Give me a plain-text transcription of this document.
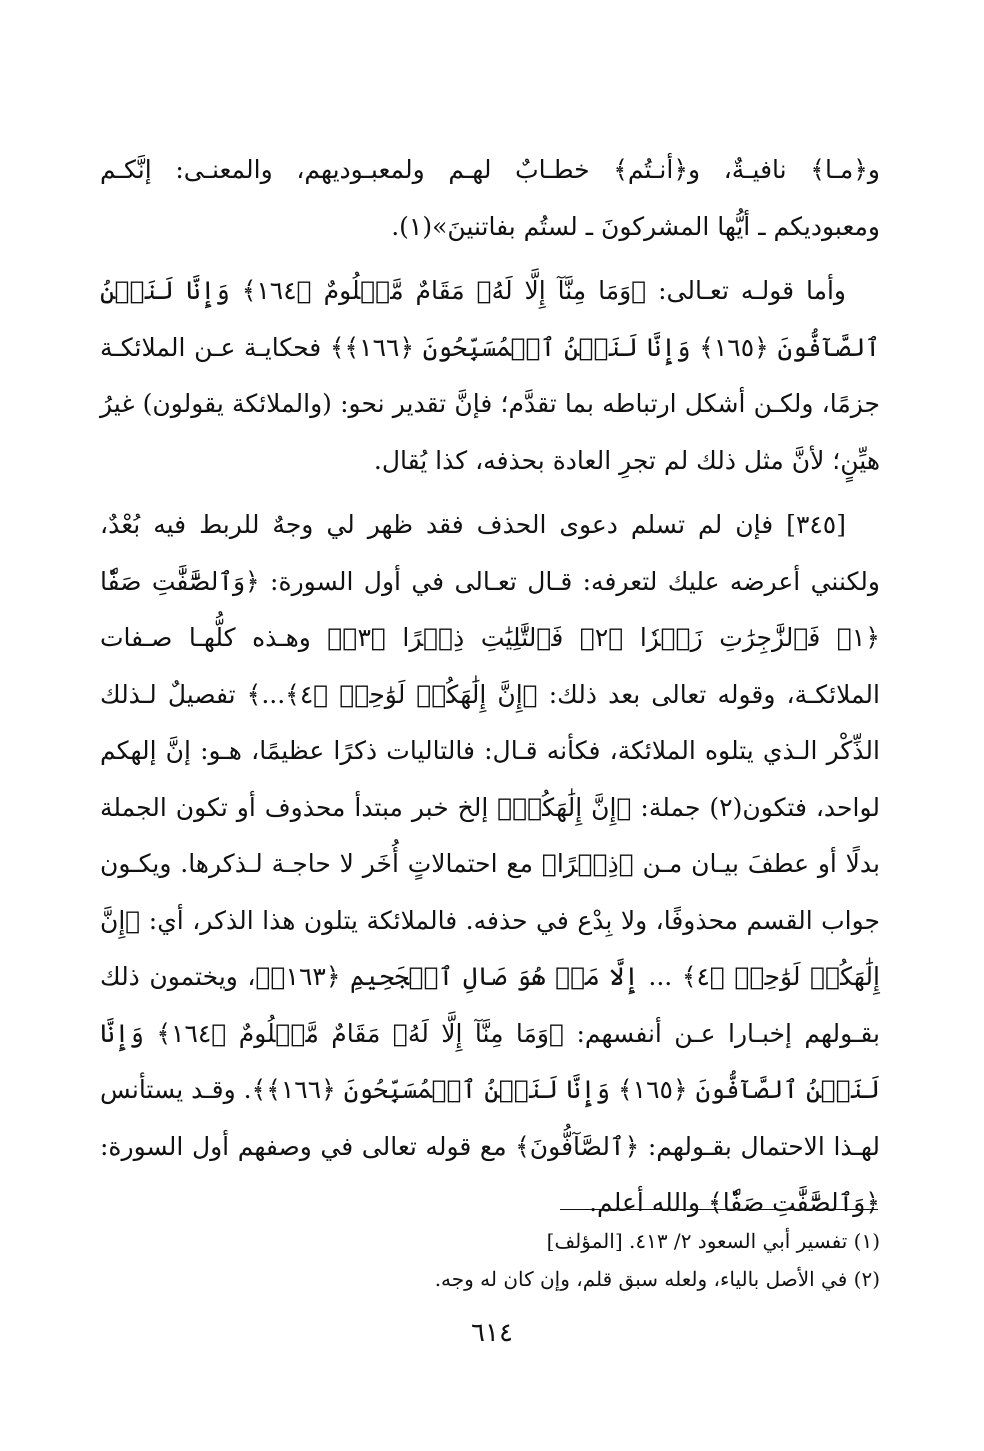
و﴿مـا﴾ نافيـةٌ، و﴿أنـتُم﴾ خطـابٌ لهـم ولمعبـوديهم، والمعنـى: إنَّكـم ومعبوديكم ـ أيُّها المشركونَ ـ لستُم بفاتنينَ»(١).

وأما قولـه تعـالى: ﴿وَمَا مِنَّآ إِلَّا لَهُۥ مَقَامٌ مَّعۡلُومٌ ﴿١٦٤﴾ وَإِنَّا لَنَحۡنُ ٱلصَّآفُّونَ ﴿١٦٥﴾ وَإِنَّا لَنَحۡنُ ٱلۡمُسَبِّحُونَ ﴿١٦٦﴾﴾ فحكايـة عـن الملائكـة جزمًا، ولكـن أشكل ارتباطه بما تقدَّم؛ فإنَّ تقدير نحو: (والملائكة يقولون) غيرُ هيِّنٍ؛ لأنَّ مثل ذلك لم تجرِ العادة بحذفه، كذا يُقال.

[٣٤٥] فإن لم تسلم دعوى الحذف فقد ظهر لي وجهٌ للربط فيه بُعْدٌ، ولكنني أعرضه عليك لتعرفه: قـال تعـالى في أول السورة: ﴿وَٱلصَّٰٓفَّٰتِ صَفّٗا ﴿١﴾ فَٱلزَّٰجِرَٰتِ زَجۡرٗا ﴿٢﴾ فَٱلتَّٰلِيَٰتِ ذِكۡرًا ﴿٣﴾﴾ وهـذه كلُّهـا صـفات الملائكـة، وقوله تعالى بعد ذلك: ﴿إِنَّ إِلَٰهَكُمۡ لَوَٰحِدٞ ﴿٤﴾...﴾ تفصيلٌ لـذلك الذِّكْر الـذي يتلوه الملائكة، فكأنه قـال: فالتاليات ذكرًا عظيمًا، هـو: إنَّ إلهكم لواحد، فتكون(٢) جملة: ﴿إِنَّ إِلَٰهَكُمۡ﴾ إلخ خبر مبتدأ محذوف أو تكون الجملة بدلًا أو عطفَ بيـان مـن ﴿ذِكۡرًا﴾ مع احتمالاتٍ أُخَر لا حاجـة لـذكرها. ويكـون جواب القسم محذوفًا، ولا بِدْع في حذفه. فالملائكة يتلون هذا الذكر، أي: ﴿إِنَّ إِلَٰهَكُمۡ لَوَٰحِدٞ ﴿٤﴾ ... إِلَّا مَنۡ هُوَ صَالِ ٱلۡجَحِيمِ ﴿١٦٣﴾﴾، ويختمون ذلك بقـولهم إخبـارا عـن أنفسهم: ﴿وَمَا مِنَّآ إِلَّا لَهُۥ مَقَامٌ مَّعۡلُومٌ ﴿١٦٤﴾ وَإِنَّا لَنَحۡنُ ٱلصَّآفُّونَ ﴿١٦٥﴾ وَإِنَّا لَنَحۡنُ ٱلۡمُسَبِّحُونَ ﴿١٦٦﴾﴾. وقـد يستأنس لهـذا الاحتمال بقـولهم: ﴿ٱلصَّآفُّونَ﴾ مع قوله تعالى في وصفهم أول السورة: ﴿وَٱلصَّٰٓفَّٰتِ صَفّٗا﴾ والله أعلم.

(١) تفسير أبي السعود ٢/ ٤١٣. [المؤلف]

(٢) في الأصل بالياء، ولعله سبق قلم، وإن كان له وجه.

٦١٤
